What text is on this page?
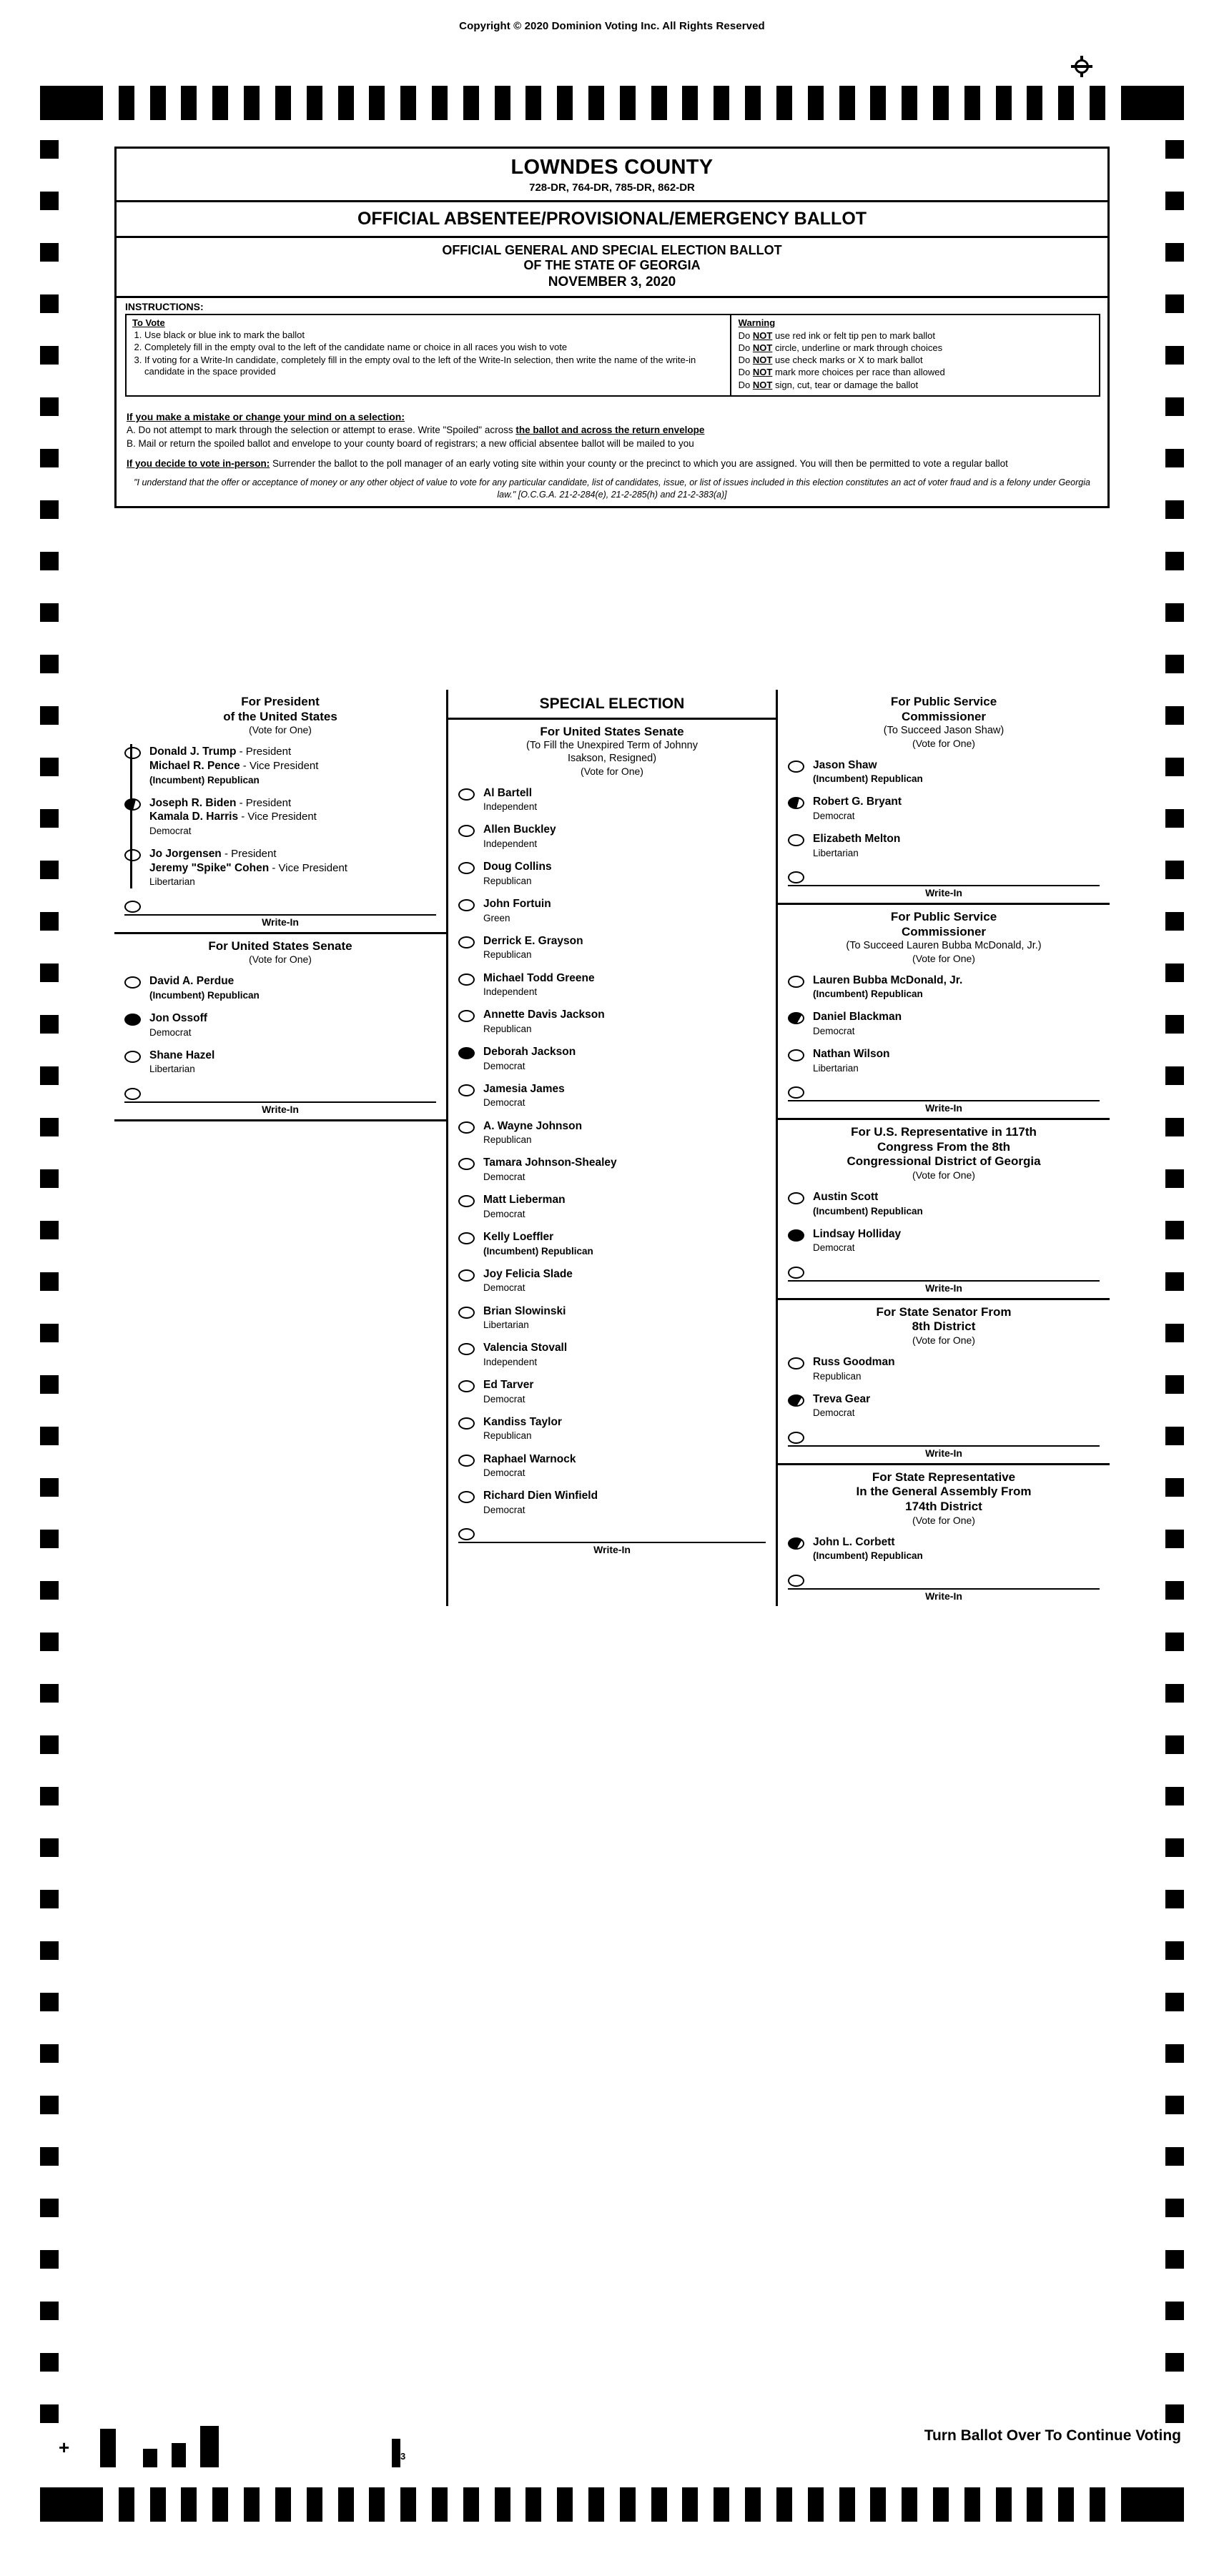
Copyright © 2020 Dominion Voting Inc. All Rights Reserved
LOWNDES COUNTY
728-DR, 764-DR, 785-DR, 862-DR
OFFICIAL ABSENTEE/PROVISIONAL/EMERGENCY BALLOT
OFFICIAL GENERAL AND SPECIAL ELECTION BALLOT
OF THE STATE OF GEORGIA
NOVEMBER 3, 2020
INSTRUCTIONS:
To Vote
1. Use black or blue ink to mark the ballot
2. Completely fill in the empty oval to the left of the candidate name or choice in all races you wish to vote
3. If voting for a Write-In candidate, completely fill in the empty oval to the left of the Write-In selection, then write the name of the write-in candidate in the space provided
Warning
Do NOT use red ink or felt tip pen to mark ballot
Do NOT circle, underline or mark through choices
Do NOT use check marks or X to mark ballot
Do NOT mark more choices per race than allowed
Do NOT sign, cut, tear or damage the ballot
If you make a mistake or change your mind on a selection:
A. Do not attempt to mark through the selection or attempt to erase. Write "Spoiled" across the ballot and across the return envelope
B. Mail or return the spoiled ballot and envelope to your county board of registrars; a new official absentee ballot will be mailed to you
If you decide to vote in-person: Surrender the ballot to the poll manager of an early voting site within your county or the precinct to which you are assigned. You will then be permitted to vote a regular ballot
"I understand that the offer or acceptance of money or any other object of value to vote for any particular candidate, list of candidates, issue, or list of issues included in this election constitutes an act of voter fraud and is a felony under Georgia law." [O.C.G.A. 21-2-284(e), 21-2-285(h) and 21-2-383(a)]
For President
of the United States
(Vote for One)
Donald J. Trump - President
Michael R. Pence - Vice President
(Incumbent) Republican
Joseph R. Biden - President
Kamala D. Harris - Vice President
Democrat
Jo Jorgensen - President
Jeremy "Spike" Cohen - Vice President
Libertarian
Write-In
For United States Senate
(Vote for One)
David A. Perdue
(Incumbent) Republican
Jon Ossoff
Democrat
Shane Hazel
Libertarian
Write-In
SPECIAL ELECTION
For United States Senate
(To Fill the Unexpired Term of Johnny
Isakson, Resigned)
(Vote for One)
Al Bartell
Independent
Allen Buckley
Independent
Doug Collins
Republican
John Fortuin
Green
Derrick E. Grayson
Republican
Michael Todd Greene
Independent
Annette Davis Jackson
Republican
Deborah Jackson
Democrat
Jamesia James
Democrat
A. Wayne Johnson
Republican
Tamara Johnson-Shealey
Democrat
Matt Lieberman
Democrat
Kelly Loeffler
(Incumbent) Republican
Joy Felicia Slade
Democrat
Brian Slowinski
Libertarian
Valencia Stovall
Independent
Ed Tarver
Democrat
Kandiss Taylor
Republican
Raphael Warnock
Democrat
Richard Dien Winfield
Democrat
Write-In
For Public Service
Commissioner
(To Succeed Jason Shaw)
(Vote for One)
Jason Shaw
(Incumbent) Republican
Robert G. Bryant
Democrat
Elizabeth Melton
Libertarian
Write-In
For Public Service
Commissioner
(To Succeed Lauren Bubba McDonald, Jr.)
(Vote for One)
Lauren Bubba McDonald, Jr.
(Incumbent) Republican
Daniel Blackman
Democrat
Nathan Wilson
Libertarian
Write-In
For U.S. Representative in 117th
Congress From the 8th
Congressional District of Georgia
(Vote for One)
Austin Scott
(Incumbent) Republican
Lindsay Holliday
Democrat
Write-In
For State Senator From
8th District
(Vote for One)
Russ Goodman
Republican
Treva Gear
Democrat
Write-In
For State Representative
In the General Assembly From
174th District
(Vote for One)
John L. Corbett
(Incumbent) Republican
Write-In
+	3
Turn Ballot Over To Continue Voting
